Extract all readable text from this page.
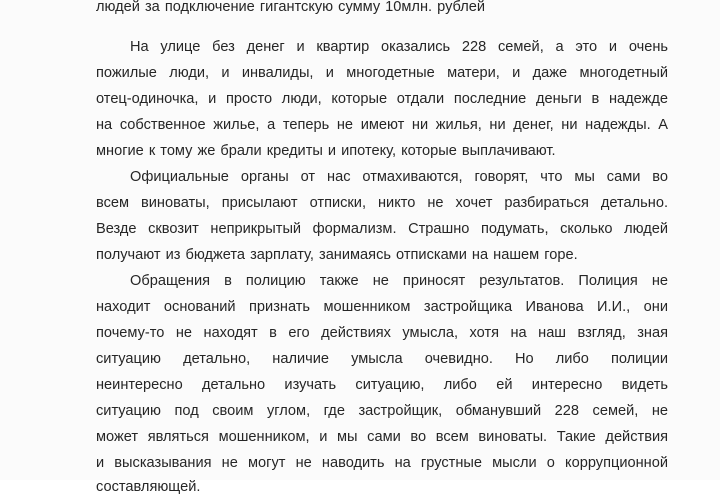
людей за подключение гигантскую сумму 10млн. рублей

На улице без денег и квартир оказались 228 семей, а это и очень

пожилые люди, и инвалиды, и многодетные матери, и даже многодетный

отец-одиночка, и просто люди, которые отдали последние деньги в надежде

на собственное жилье, а теперь не имеют ни жилья, ни денег, ни надежды. А

многие к тому же брали кредиты и ипотеку, которые выплачивают.

Официальные органы от нас отмахиваются, говорят, что мы сами во

всем виноваты, присылают отписки, никто не хочет разбираться детально.

Везде сквозит неприкрытый формализм. Страшно подумать, сколько людей

получают из бюджета зарплату, занимаясь отписками на нашем горе.

Обращения в полицию также не приносят результатов. Полиция не

находит оснований признать мошенником застройщика Иванова И.И., они

почему-то не находят в его действиях умысла, хотя на наш взгляд, зная

ситуацию детально, наличие умысла очевидно. Но либо полиции

неинтересно детально изучать ситуацию, либо ей интересно видеть

ситуацию под своим углом, где застройщик, обманувший 228 семей, не

может являться мошенником, и мы сами во всем виноваты. Такие действия

и высказывания не могут не наводить на грустные мысли о коррупционной

составляющей.
